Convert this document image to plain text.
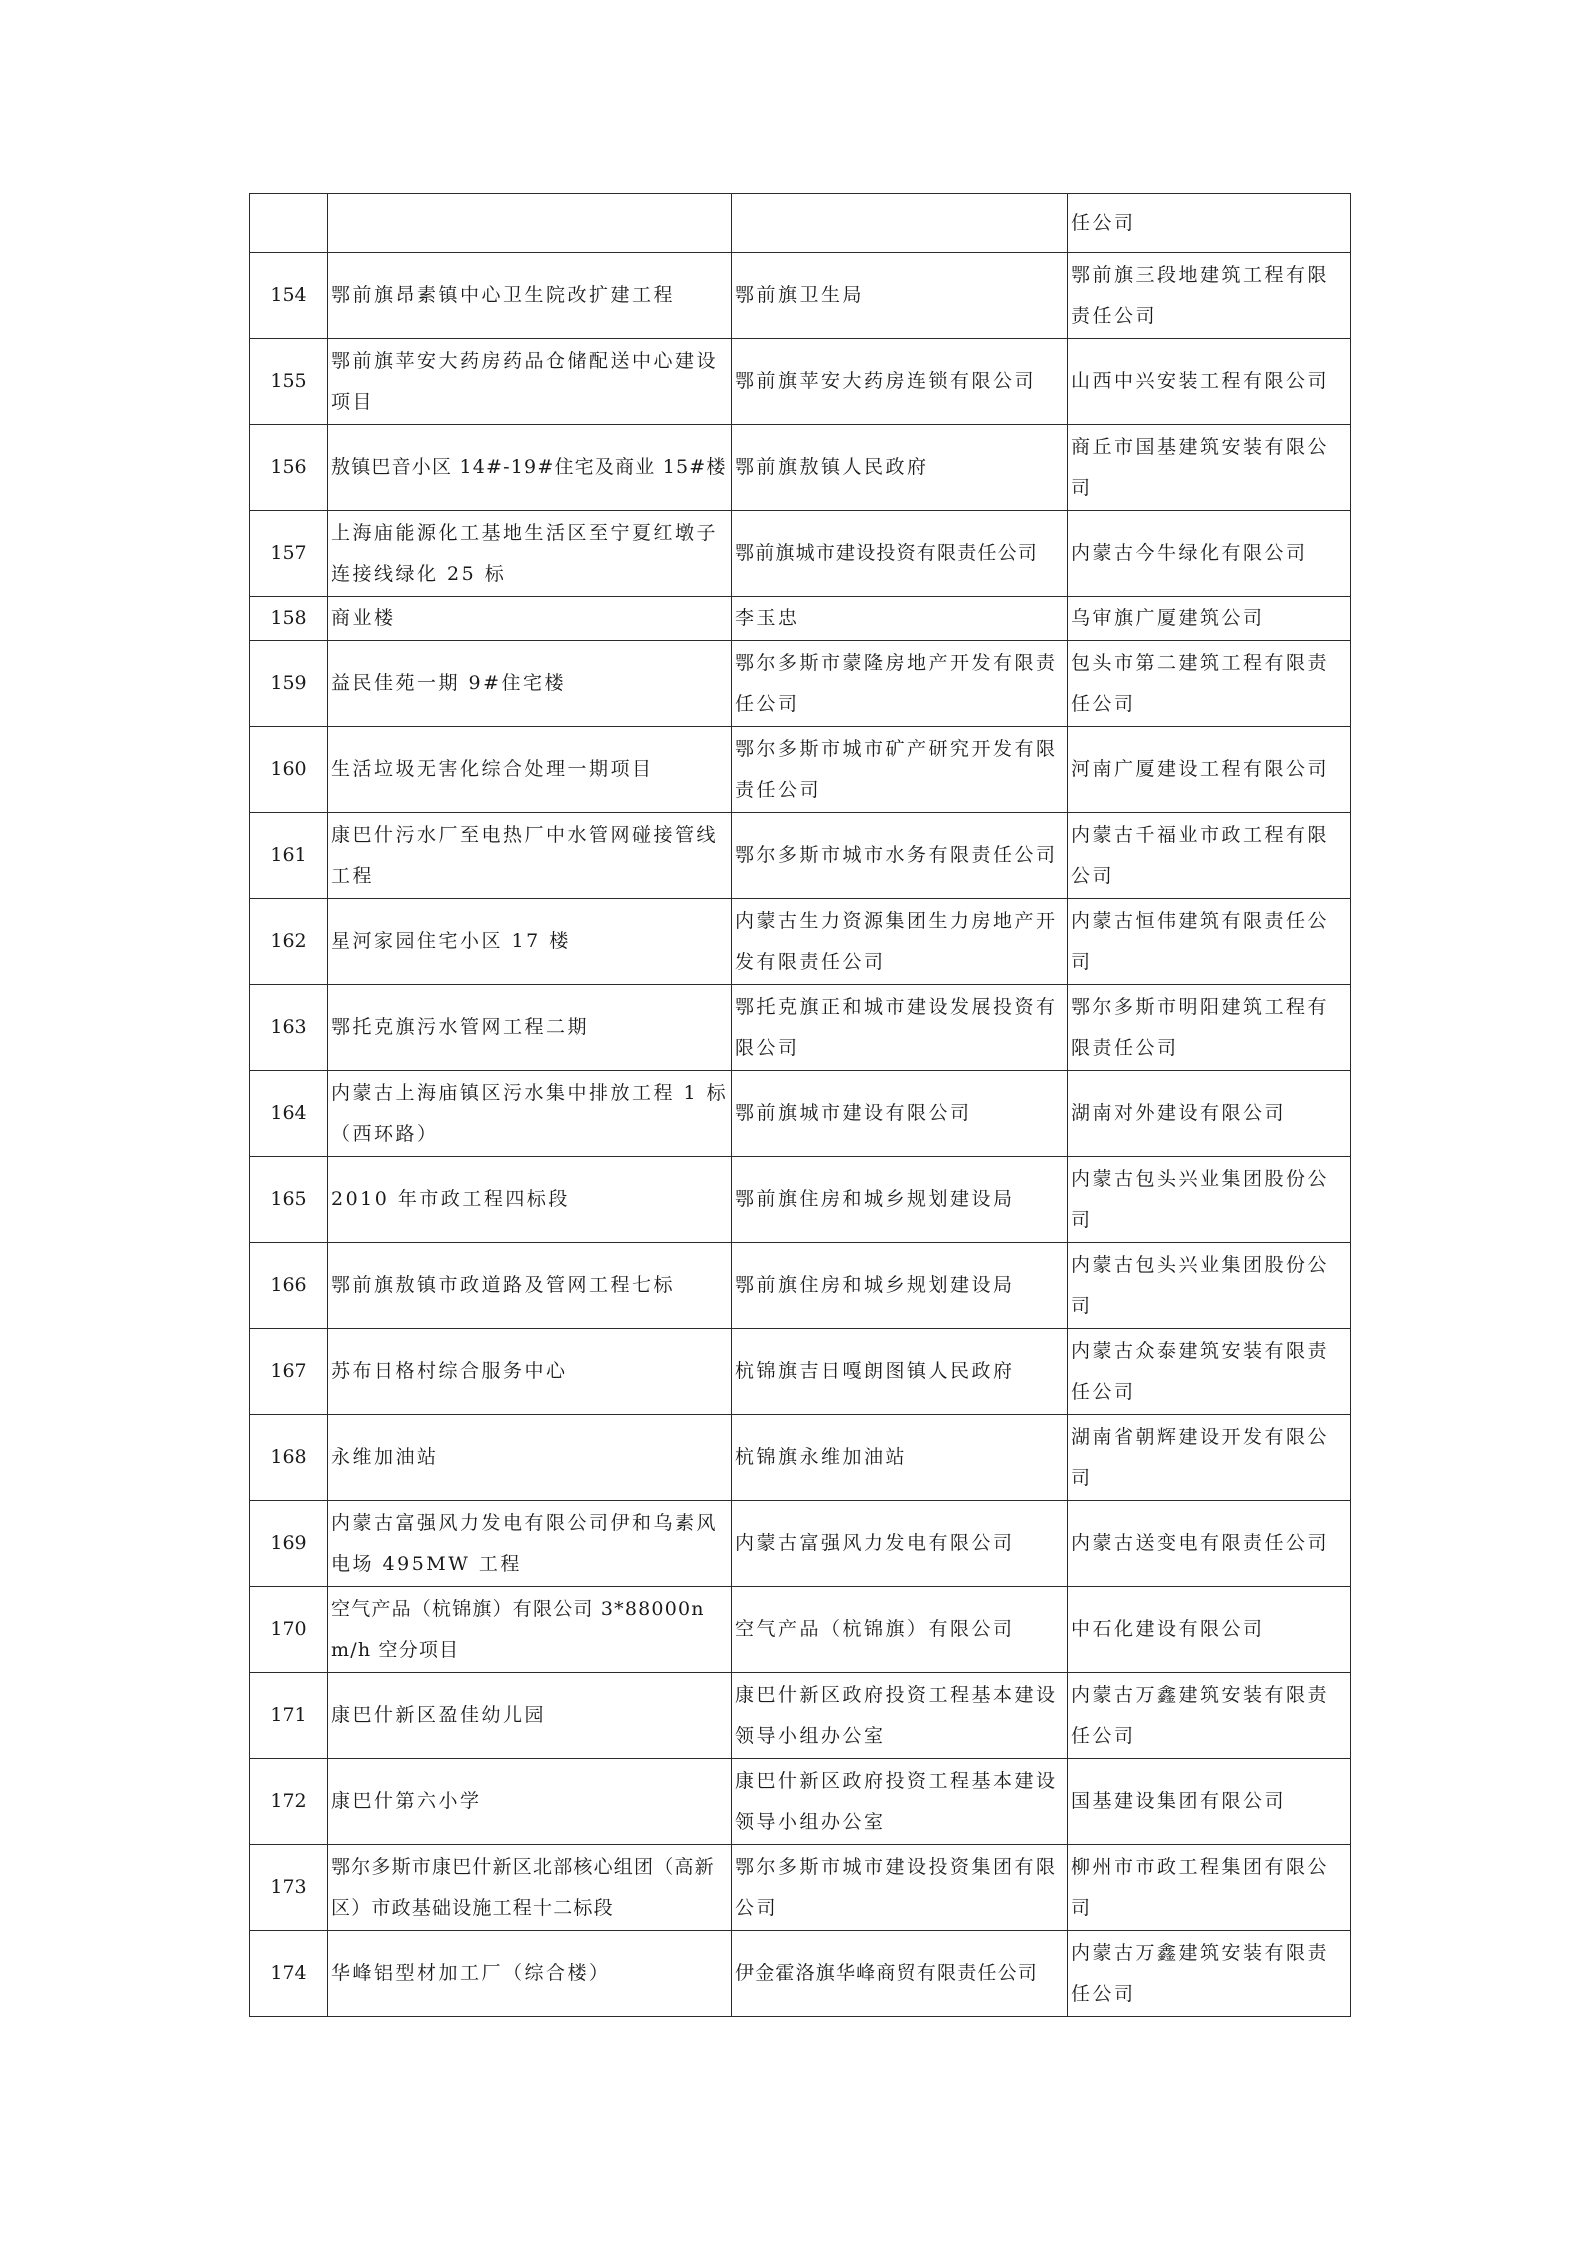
			任公司
154	鄂前旗昂素镇中心卫生院改扩建工程	鄂前旗卫生局	鄂前旗三段地建筑工程有限责任公司
155	鄂前旗苹安大药房药品仓储配送中心建设项目	鄂前旗苹安大药房连锁有限公司	山西中兴安装工程有限公司
156	敖镇巴音小区 14#-19#住宅及商业 15#楼	鄂前旗敖镇人民政府	商丘市国基建筑安装有限公司
157	上海庙能源化工基地生活区至宁夏红墩子连接线绿化 25 标	鄂前旗城市建设投资有限责任公司	内蒙古今牛绿化有限公司
158	商业楼	李玉忠	乌审旗广厦建筑公司
159	益民佳苑一期 9#住宅楼	鄂尔多斯市蒙隆房地产开发有限责任公司	包头市第二建筑工程有限责任公司
160	生活垃圾无害化综合处理一期项目	鄂尔多斯市城市矿产研究开发有限责任公司	河南广厦建设工程有限公司
161	康巴什污水厂至电热厂中水管网碰接管线工程	鄂尔多斯市城市水务有限责任公司	内蒙古千福业市政工程有限公司
162	星河家园住宅小区 17 楼	内蒙古生力资源集团生力房地产开发有限责任公司	内蒙古恒伟建筑有限责任公司
163	鄂托克旗污水管网工程二期	鄂托克旗正和城市建设发展投资有限公司	鄂尔多斯市明阳建筑工程有限责任公司
164	内蒙古上海庙镇区污水集中排放工程 1 标（西环路）	鄂前旗城市建设有限公司	湖南对外建设有限公司
165	2010 年市政工程四标段	鄂前旗住房和城乡规划建设局	内蒙古包头兴业集团股份公司
166	鄂前旗敖镇市政道路及管网工程七标	鄂前旗住房和城乡规划建设局	内蒙古包头兴业集团股份公司
167	苏布日格村综合服务中心	杭锦旗吉日嘎朗图镇人民政府	内蒙古众泰建筑安装有限责任公司
168	永维加油站	杭锦旗永维加油站	湖南省朝辉建设开发有限公司
169	内蒙古富强风力发电有限公司伊和乌素风电场 495MW 工程	内蒙古富强风力发电有限公司	内蒙古送变电有限责任公司
170	空气产品（杭锦旗）有限公司 3*88000nm/h 空分项目	空气产品（杭锦旗）有限公司	中石化建设有限公司
171	康巴什新区盈佳幼儿园	康巴什新区政府投资工程基本建设领导小组办公室	内蒙古万鑫建筑安装有限责任公司
172	康巴什第六小学	康巴什新区政府投资工程基本建设领导小组办公室	国基建设集团有限公司
173	鄂尔多斯市康巴什新区北部核心组团（高新区）市政基础设施工程十二标段	鄂尔多斯市城市建设投资集团有限公司	柳州市市政工程集团有限公司
174	华峰铝型材加工厂（综合楼）	伊金霍洛旗华峰商贸有限责任公司	内蒙古万鑫建筑安装有限责任公司
